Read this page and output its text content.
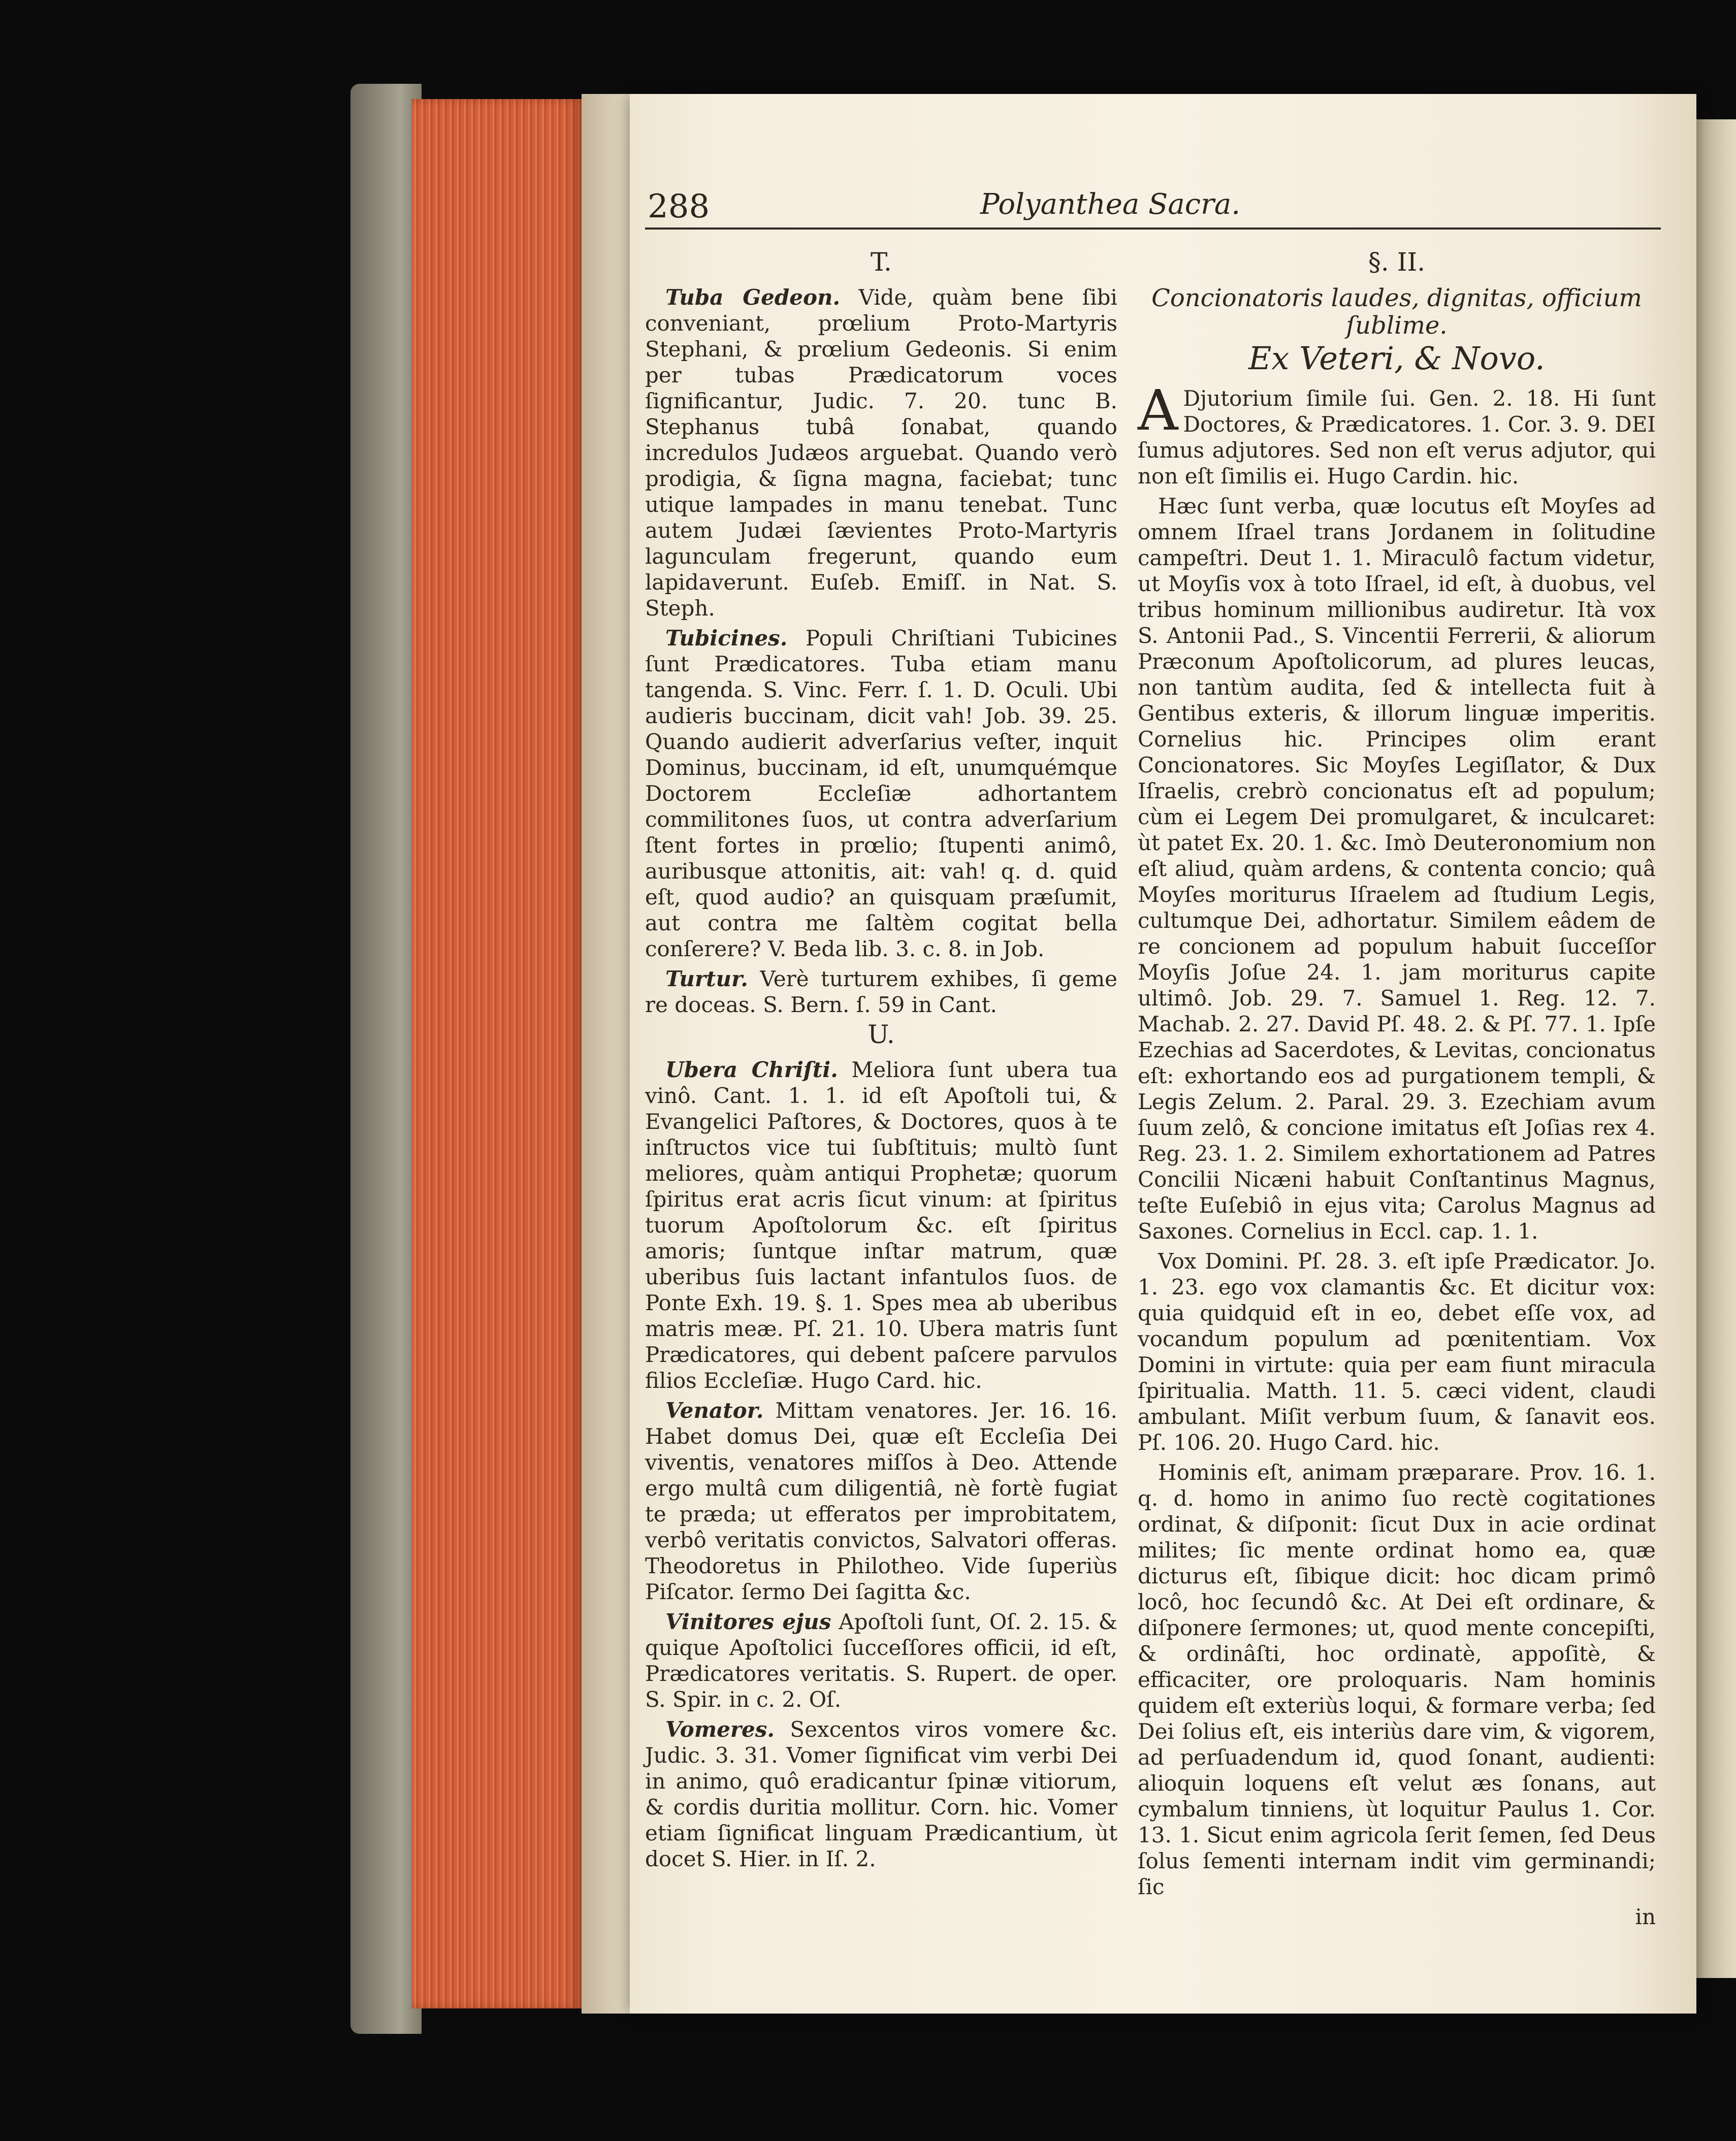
288	Polyanthea Sacra.
T.

Tuba Gedeon. Vide, quàm bene ſibi conveniant, prœlium Proto-Martyris Stephani, & prœlium Gedeonis. Si enim per tubas Prædicatorum voces ſignificantur, Judic. 7. 20. tunc B. Stephanus tubâ ſonabat, quando incredulos Judæos arguebat. Quando verò prodigia, & ſigna magna, faciebat; tunc utique lampades in manu tenebat. Tunc autem Judæi ſævientes Proto-Martyris lagunculam fregerunt, quando eum lapidaverunt. Euſeb. Emiſſ. in Nat. S. Steph.

Tubicines. Populi Chriſtiani Tubicines ſunt Prædicatores. Tuba etiam manu tangenda. S. Vinc. Ferr. ſ. 1. D. Oculi. Ubi audieris buccinam, dicit vah! Job. 39. 25. Quando audierit adverſarius veſter, inquit Dominus, buccinam, id eſt, unumquémque Doctorem Eccleſiæ adhortantem commilitones ſuos, ut contra adverſarium ſtent fortes in prœlio; ſtupenti animô, auribusque attonitis, ait: vah! q. d. quid eſt, quod audio? an quisquam præſumit, aut contra me ſaltèm cogitat bella conſerere? V. Beda lib. 3. c. 8. in Job.

Turtur. Verè turturem exhibes, ſi geme re doceas. S. Bern. ſ. 59 in Cant.

U.

Ubera Chriſti. Meliora ſunt ubera tua vinô. Cant. 1. 1. id eſt Apoſtoli tui, & Evangelici Paſtores, & Doctores, quos à te inſtructos vice tui ſubſtituis; multò ſunt meliores, quàm antiqui Prophetæ; quorum ſpiritus erat acris ſicut vinum: at ſpiritus tuorum Apoſtolorum &c. eſt ſpiritus amoris; ſuntque inſtar matrum, quæ uberibus ſuis lactant infantulos ſuos. de Ponte Exh. 19. §. 1. Spes mea ab uberibus matris meæ. Pſ. 21. 10. Ubera matris ſunt Prædicatores, qui debent paſcere parvulos filios Eccleſiæ. Hugo Card. hic.

Venator. Mittam venatores. Jer. 16. 16. Habet domus Dei, quæ eſt Eccleſia Dei viventis, venatores miſſos à Deo. Attende ergo multâ cum diligentiâ, nè fortè fugiat te præda; ut efferatos per improbitatem, verbô veritatis convictos, Salvatori offeras. Theodoretus in Philotheo. Vide ſuperiùs Piſcator. ſermo Dei ſagitta &c.

Vinitores ejus Apoſtoli ſunt, Oſ. 2. 15. & quique Apoſtolici ſucceſſores officii, id eſt, Prædicatores veritatis. S. Rupert. de oper. S. Spir. in c. 2. Oſ.

Vomeres. Sexcentos viros vomere &c. Judic. 3. 31. Vomer ſignificat vim verbi Dei in animo, quô eradicantur ſpinæ vitiorum, & cordis duritia mollitur. Corn. hic. Vomer etiam ſignificat linguam Prædicantium, ùt docet S. Hier. in Iſ. 2.

§. II.
Concionatoris laudes, dignitas, officium ſublime.
Ex Veteri, & Novo.

A Djutorium ſimile ſui. Gen. 2. 18. Hi ſunt Doctores, & Prædicatores. 1. Cor. 3. 9. DEI ſumus adjutores. Sed non eſt verus adjutor, qui non eſt ſimilis ei. Hugo Cardin. hic.

Hæc ſunt verba, quæ locutus eſt Moyſes ad omnem Iſrael trans Jordanem in ſolitudine campeſtri. Deut 1. 1. Miraculô factum videtur, ut Moyſis vox à toto Iſrael, id eſt, à duobus, vel tribus hominum millionibus audiretur. Ità vox S. Antonii Pad., S. Vincentii Ferrerii, & aliorum Præconum Apoſtolicorum, ad plures leucas, non tantùm audita, ſed & intellecta fuit à Gentibus exteris, & illorum linguæ imperitis. Cornelius hic. Principes olim erant Concionatores. Sic Moyſes Legiſlator, & Dux Iſraelis, crebrò concionatus eſt ad populum; cùm ei Legem Dei promulgaret, & inculcaret: ùt patet Ex. 20. 1. &c. Imò Deuteronomium non eſt aliud, quàm ardens, & contenta concio; quâ Moyſes moriturus Iſraelem ad ſtudium Legis, cultumque Dei, adhortatur. Similem eâdem de re concionem ad populum habuit ſucceſſor Moyſis Joſue 24. 1. jam moriturus capite ultimô. Job. 29. 7. Samuel 1. Reg. 12. 7. Machab. 2. 27. David Pſ. 48. 2. & Pſ. 77. 1. Ipſe Ezechias ad Sacerdotes, & Levitas, concionatus eſt: exhortando eos ad purgationem templi, & Legis Zelum. 2. Paral. 29. 3. Ezechiam avum ſuum zelô, & concione imitatus eſt Joſias rex 4. Reg. 23. 1. 2. Similem exhortationem ad Patres Concilii Nicæni habuit Conſtantinus Magnus, teſte Euſebiô in ejus vita; Carolus Magnus ad Saxones. Cornelius in Eccl. cap. 1. 1.

Vox Domini. Pſ. 28. 3. eſt ipſe Prædicator. Jo. 1. 23. ego vox clamantis &c. Et dicitur vox: quia quidquid eſt in eo, debet eſſe vox, ad vocandum populum ad pœnitentiam. Vox Domini in virtute: quia per eam fiunt miracula ſpiritualia. Matth. 11. 5. cæci vident, claudi ambulant. Miſit verbum ſuum, & ſanavit eos. Pſ. 106. 20. Hugo Card. hic.

Hominis eſt, animam præparare. Prov. 16. 1. q. d. homo in animo ſuo rectè cogitationes ordinat, & diſponit: ſicut Dux in acie ordinat milites; ſic mente ordinat homo ea, quæ dicturus eſt, ſibique dicit: hoc dicam primô locô, hoc ſecundô &c. At Dei eſt ordinare, & diſponere ſermones; ut, quod mente concepiſti, & ordinâſti, hoc ordinatè, appoſitè, & efficaciter, ore proloquaris. Nam hominis quidem eſt exteriùs loqui, & formare verba; ſed Dei ſolius eſt, eis interiùs dare vim, & vigorem, ad perſuadendum id, quod ſonant, audienti: alioquin loquens eſt velut æs ſonans, aut cymbalum tinniens, ùt loquitur Paulus 1. Cor. 13. 1. Sicut enim agricola ſerit ſemen, ſed Deus ſolus ſementi internam indit vim germinandi; ſic

in
